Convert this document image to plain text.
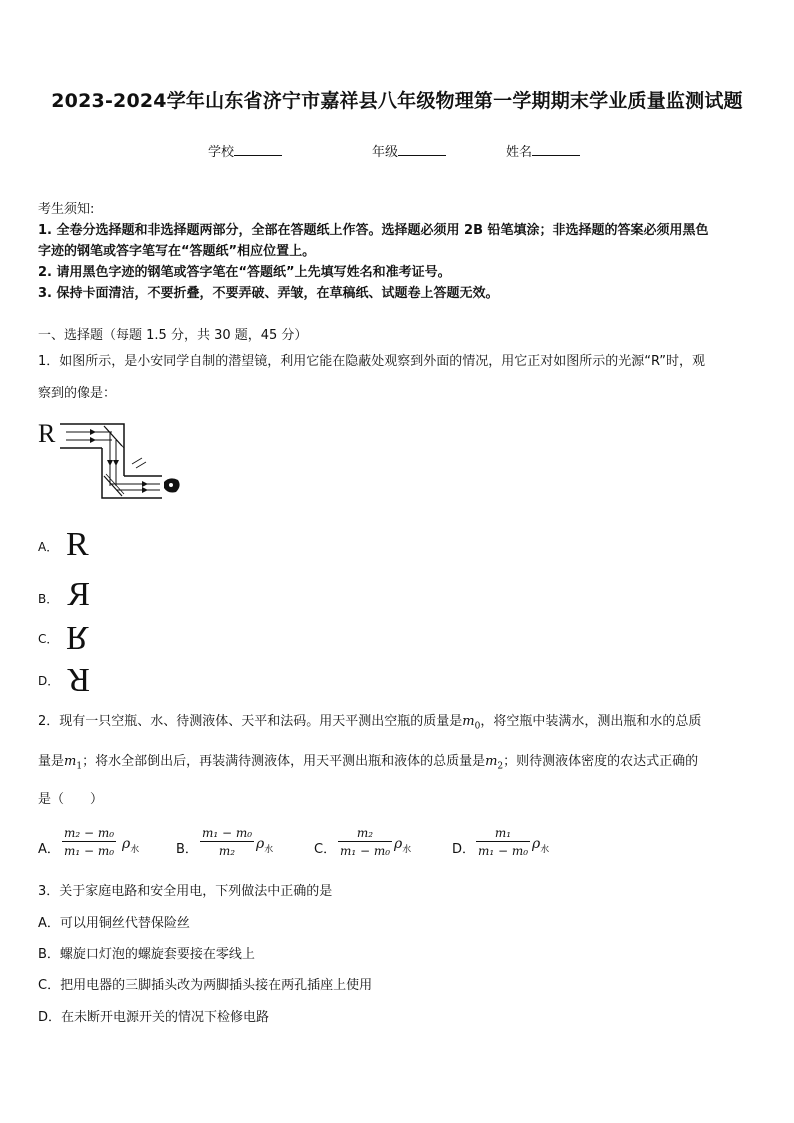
2023-2024学年山东省济宁市嘉祥县八年级物理第一学期期末学业质量监测试题
学校	年级	姓名
考生须知:
1. 全卷分选择题和非选择题两部分，全部在答题纸上作答。选择题必须用 2B 铅笔填涂；非选择题的答案必须用黑色
字迹的钢笔或答字笔写在“答题纸”相应位置上。
2. 请用黑色字迹的钢笔或答字笔在“答题纸”上先填写姓名和准考证号。
3. 保持卡面清洁，不要折叠，不要弄破、弄皱，在草稿纸、试题卷上答题无效。
一、选择题（每题 1.5 分，共 30 题，45 分）
1．如图所示，是小安同学自制的潜望镜，利用它能在隐蔽处观察到外面的情况，用它正对如图所示的光源“R”时，观
察到的像是：
R
A． R
B． R
C． R
D． R
2．现有一只空瓶、水、待测液体、天平和法码。用天平测出空瓶的质量是$m_0$，将空瓶中装满水，测出瓶和水的总质
量是$m_1$；将水全部倒出后，再装满待测液体，用天平测出瓶和液体的总质量是$m_2$；则待测液体密度的农达式正确的
是（　　）
A． $\frac{\text{m₂ − m₀}}{\text{m₁ − m₀}} \rho_水$	B． $\frac{\text{m₁ − m₀}}{\text{m₂}} \rho_水$	C． $\frac{\text{m₂}}{\text{m₁ − m₀}} \rho_水$	D． $\frac{\text{m₁}}{\text{m₁ − m₀}} \rho_水$
3．关于家庭电路和安全用电，下列做法中正确的是
A．可以用铜丝代替保险丝
B．螺旋口灯泡的螺旋套要接在零线上
C．把用电器的三脚插头改为两脚插头接在两孔插座上使用
D．在未断开电源开关的情况下检修电路
